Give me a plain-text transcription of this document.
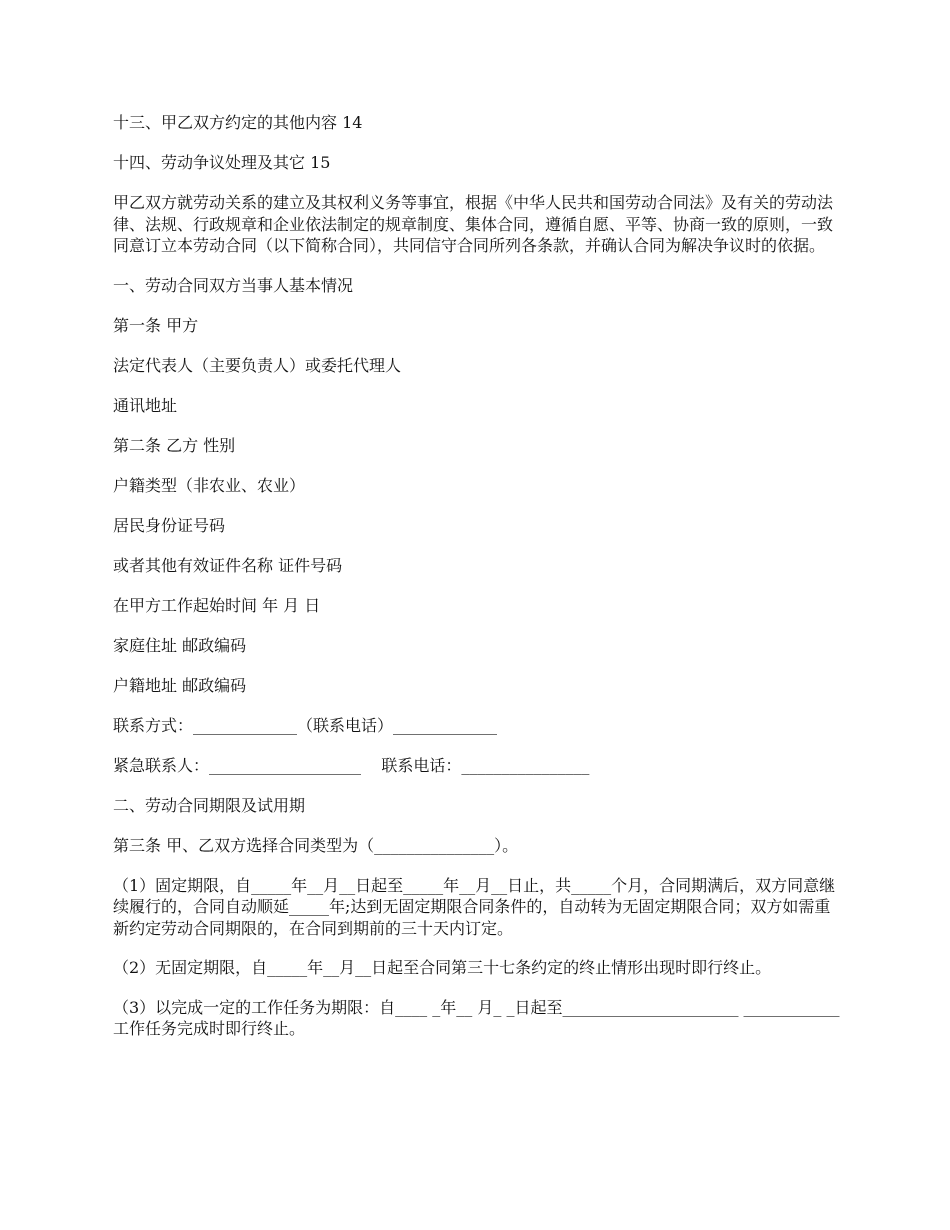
十三、甲乙双方约定的其他内容 14

十四、劳动争议处理及其它 15

甲乙双方就劳动关系的建立及其权利义务等事宜，根据《中华人民共和国劳动合同法》及有关的劳动法律、法规、行政规章和企业依法制定的规章制度、集体合同，遵循自愿、平等、协商一致的原则，一致同意订立本劳动合同（以下简称合同），共同信守合同所列各条款，并确认合同为解决争议时的依据。

一、劳动合同双方当事人基本情况

第一条 甲方

法定代表人（主要负责人）或委托代理人

通讯地址

第二条 乙方 性别

户籍类型（非农业、农业）

居民身份证号码

或者其他有效证件名称 证件号码

在甲方工作起始时间 年 月 日

家庭住址 邮政编码

户籍地址 邮政编码

联系方式：_____________（联系电话）_____________

紧急联系人：___________________    联系电话：________________

二、劳动合同期限及试用期

第三条 甲、乙双方选择合同类型为（_______________）。

（1）固定期限，自_____年__月__日起至_____年__月__日止，共_____个月，合同期满后，双方同意继续履行的，合同自动顺延_____年;达到无固定期限合同条件的，自动转为无固定期限合同；双方如需重新约定劳动合同期限的，在合同到期前的三十天内订定。

（2）无固定期限，自_____年__月__日起至合同第三十七条约定的终止情形出现时即行终止。

（3）以完成一定的工作任务为期限：自____ _年__ 月_ _日起至______________________ ____________工作任务完成时即行终止。
